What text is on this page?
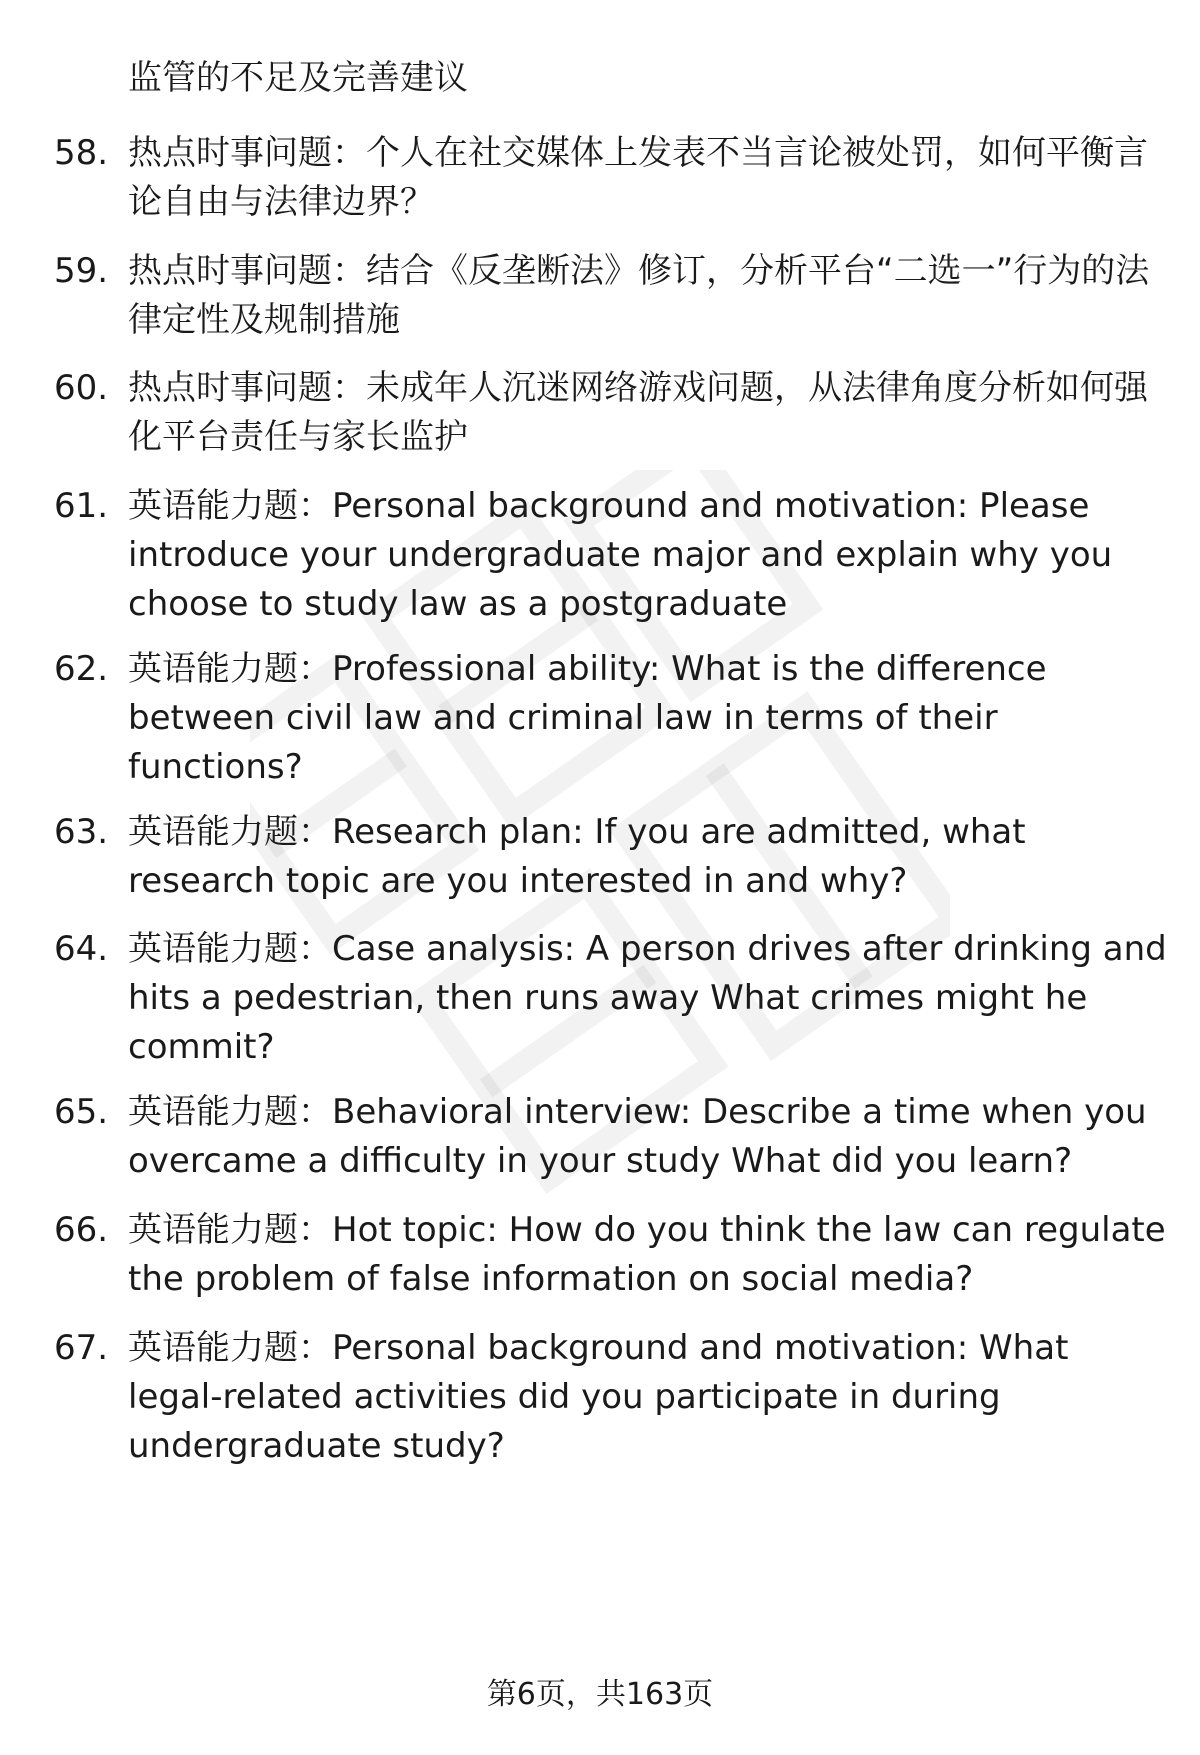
监管的不足及完善建议
58. 热点时事问题：个人在社交媒体上发表不当言论被处罚，如何平衡言论自由与法律边界？
59. 热点时事问题：结合《反垄断法》修订，分析平台“二选一”行为的法律定性及规制措施
60. 热点时事问题：未成年人沉迷网络游戏问题，从法律角度分析如何强化平台责任与家长监护
61. 英语能力题：Personal background and motivation: Please introduce your undergraduate major and explain why you choose to study law as a postgraduate
62. 英语能力题：Professional ability: What is the difference between civil law and criminal law in terms of their functions?
63. 英语能力题：Research plan: If you are admitted, what research topic are you interested in and why?
64. 英语能力题：Case analysis: A person drives after drinking and hits a pedestrian, then runs away What crimes might he commit?
65. 英语能力题：Behavioral interview: Describe a time when you overcame a difficulty in your study What did you learn?
66. 英语能力题：Hot topic: How do you think the law can regulate the problem of false information on social media?
67. 英语能力题：Personal background and motivation: What legal-related activities did you participate in during undergraduate study?
第6页，共163页
